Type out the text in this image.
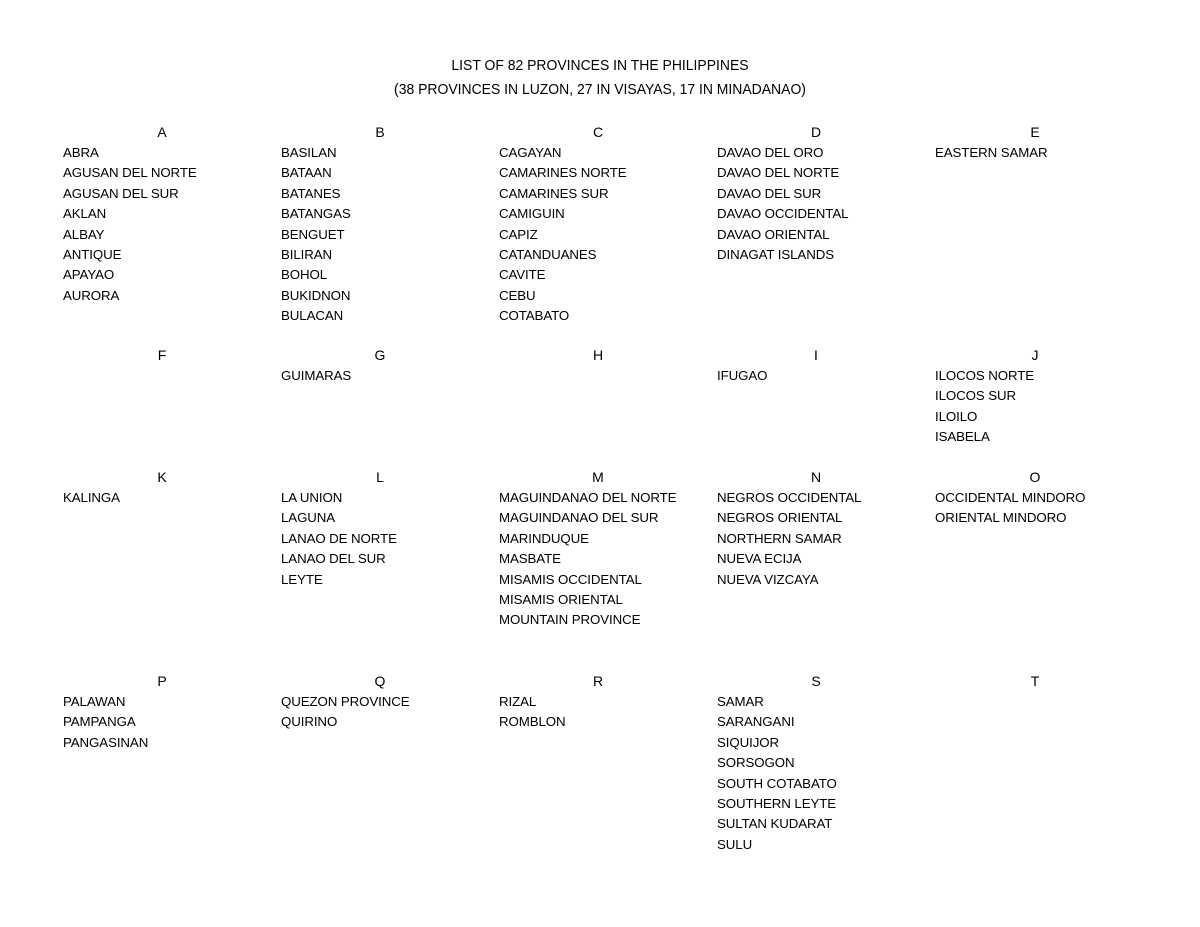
LIST OF 82 PROVINCES IN THE PHILIPPINES
(38 PROVINCES IN LUZON, 27 IN VISAYAS, 17 IN MINADANAO)
A
ABRA
AGUSAN DEL NORTE
AGUSAN DEL SUR
AKLAN
ALBAY
ANTIQUE
APAYAO
AURORA
B
BASILAN
BATAAN
BATANES
BATANGAS
BENGUET
BILIRAN
BOHOL
BUKIDNON
BULACAN
C
CAGAYAN
CAMARINES NORTE
CAMARINES SUR
CAMIGUIN
CAPIZ
CATANDUANES
CAVITE
CEBU
COTABATO
D
DAVAO DEL ORO
DAVAO DEL NORTE
DAVAO DEL SUR
DAVAO OCCIDENTAL
DAVAO ORIENTAL
DINAGAT ISLANDS
E
EASTERN SAMAR
F	G
GUIMARAS
H	I
IFUGAO
J
ILOCOS NORTE
ILOCOS SUR
ILOILO
ISABELA
K
KALINGA
L
LA UNION
LAGUNA
LANAO DE NORTE
LANAO DEL SUR
LEYTE
M
MAGUINDANAO DEL NORTE
MAGUINDANAO DEL SUR
MARINDUQUE
MASBATE
MISAMIS OCCIDENTAL
MISAMIS ORIENTAL
MOUNTAIN PROVINCE
N
NEGROS OCCIDENTAL
NEGROS ORIENTAL
NORTHERN SAMAR
NUEVA ECIJA
NUEVA VIZCAYA
O
OCCIDENTAL MINDORO
ORIENTAL MINDORO
P
PALAWAN
PAMPANGA
PANGASINAN
Q
QUEZON PROVINCE
QUIRINO
R
RIZAL
ROMBLON
S
SAMAR
SARANGANI
SIQUIJOR
SORSOGON
SOUTH COTABATO
SOUTHERN LEYTE
SULTAN KUDARAT
SULU
T
